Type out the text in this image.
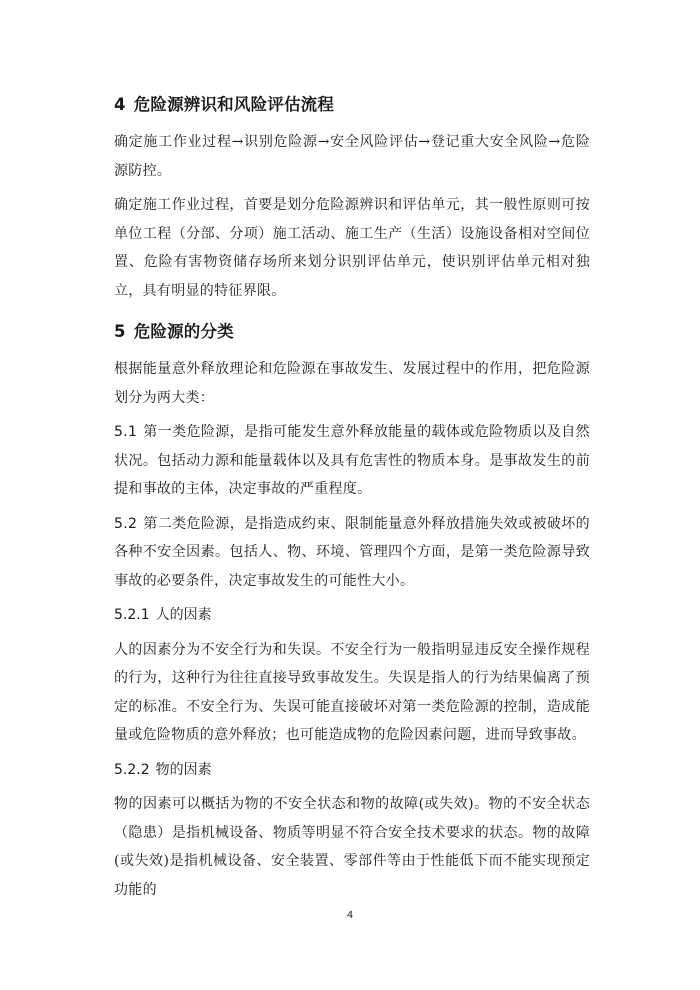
4 危险源辨识和风险评估流程

确定施工作业过程→识别危险源→安全风险评估→登记重大安全风险→危险源防控。

确定施工作业过程，首要是划分危险源辨识和评估单元，其一般性原则可按单位工程（分部、分项）施工活动、施工生产（生活）设施设备相对空间位置、危险有害物资储存场所来划分识别评估单元，使识别评估单元相对独立，具有明显的特征界限。

5 危险源的分类

根据能量意外释放理论和危险源在事故发生、发展过程中的作用，把危险源划分为两大类：

5.1 第一类危险源，是指可能发生意外释放能量的载体或危险物质以及自然状况。包括动力源和能量载体以及具有危害性的物质本身。是事故发生的前提和事故的主体，决定事故的严重程度。

5.2 第二类危险源，是指造成约束、限制能量意外释放措施失效或被破坏的各种不安全因素。包括人、物、环境、管理四个方面，是第一类危险源导致事故的必要条件，决定事故发生的可能性大小。

5.2.1 人的因素

人的因素分为不安全行为和失误。不安全行为一般指明显违反安全操作规程的行为，这种行为往往直接导致事故发生。失误是指人的行为结果偏离了预定的标准。不安全行为、失误可能直接破坏对第一类危险源的控制，造成能量或危险物质的意外释放；也可能造成物的危险因素问题，进而导致事故。

5.2.2 物的因素

物的因素可以概括为物的不安全状态和物的故障(或失效)。物的不安全状态（隐患）是指机械设备、物质等明显不符合安全技术要求的状态。物的故障(或失效)是指机械设备、安全装置、零部件等由于性能低下而不能实现预定功能的

4
